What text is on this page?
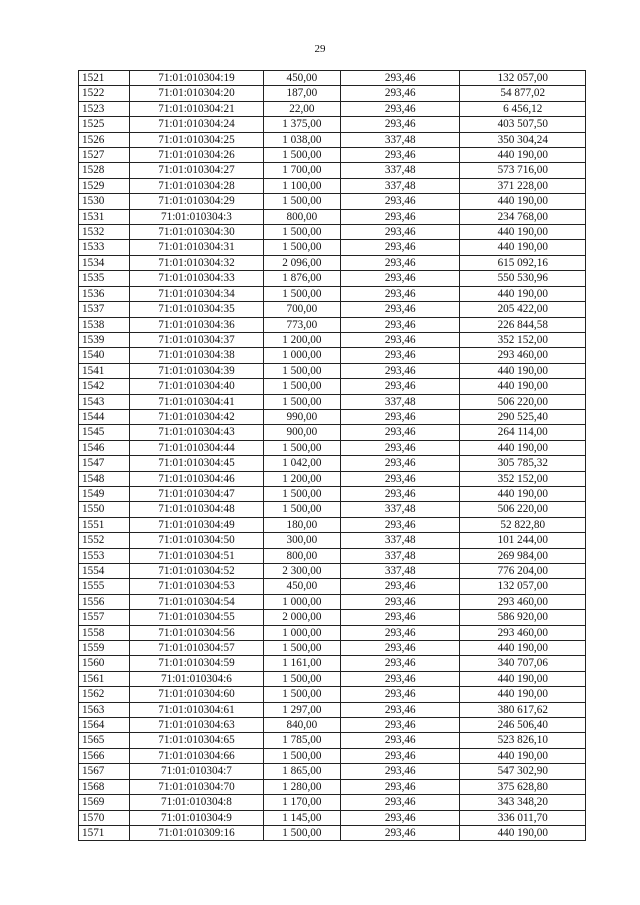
29
1521	71:01:010304:19	450,00	293,46	132 057,00
1522	71:01:010304:20	187,00	293,46	54 877,02
1523	71:01:010304:21	22,00	293,46	6 456,12
1525	71:01:010304:24	1 375,00	293,46	403 507,50
1526	71:01:010304:25	1 038,00	337,48	350 304,24
1527	71:01:010304:26	1 500,00	293,46	440 190,00
1528	71:01:010304:27	1 700,00	337,48	573 716,00
1529	71:01:010304:28	1 100,00	337,48	371 228,00
1530	71:01:010304:29	1 500,00	293,46	440 190,00
1531	71:01:010304:3	800,00	293,46	234 768,00
1532	71:01:010304:30	1 500,00	293,46	440 190,00
1533	71:01:010304:31	1 500,00	293,46	440 190,00
1534	71:01:010304:32	2 096,00	293,46	615 092,16
1535	71:01:010304:33	1 876,00	293,46	550 530,96
1536	71:01:010304:34	1 500,00	293,46	440 190,00
1537	71:01:010304:35	700,00	293,46	205 422,00
1538	71:01:010304:36	773,00	293,46	226 844,58
1539	71:01:010304:37	1 200,00	293,46	352 152,00
1540	71:01:010304:38	1 000,00	293,46	293 460,00
1541	71:01:010304:39	1 500,00	293,46	440 190,00
1542	71:01:010304:40	1 500,00	293,46	440 190,00
1543	71:01:010304:41	1 500,00	337,48	506 220,00
1544	71:01:010304:42	990,00	293,46	290 525,40
1545	71:01:010304:43	900,00	293,46	264 114,00
1546	71:01:010304:44	1 500,00	293,46	440 190,00
1547	71:01:010304:45	1 042,00	293,46	305 785,32
1548	71:01:010304:46	1 200,00	293,46	352 152,00
1549	71:01:010304:47	1 500,00	293,46	440 190,00
1550	71:01:010304:48	1 500,00	337,48	506 220,00
1551	71:01:010304:49	180,00	293,46	52 822,80
1552	71:01:010304:50	300,00	337,48	101 244,00
1553	71:01:010304:51	800,00	337,48	269 984,00
1554	71:01:010304:52	2 300,00	337,48	776 204,00
1555	71:01:010304:53	450,00	293,46	132 057,00
1556	71:01:010304:54	1 000,00	293,46	293 460,00
1557	71:01:010304:55	2 000,00	293,46	586 920,00
1558	71:01:010304:56	1 000,00	293,46	293 460,00
1559	71:01:010304:57	1 500,00	293,46	440 190,00
1560	71:01:010304:59	1 161,00	293,46	340 707,06
1561	71:01:010304:6	1 500,00	293,46	440 190,00
1562	71:01:010304:60	1 500,00	293,46	440 190,00
1563	71:01:010304:61	1 297,00	293,46	380 617,62
1564	71:01:010304:63	840,00	293,46	246 506,40
1565	71:01:010304:65	1 785,00	293,46	523 826,10
1566	71:01:010304:66	1 500,00	293,46	440 190,00
1567	71:01:010304:7	1 865,00	293,46	547 302,90
1568	71:01:010304:70	1 280,00	293,46	375 628,80
1569	71:01:010304:8	1 170,00	293,46	343 348,20
1570	71:01:010304:9	1 145,00	293,46	336 011,70
1571	71:01:010309:16	1 500,00	293,46	440 190,00
